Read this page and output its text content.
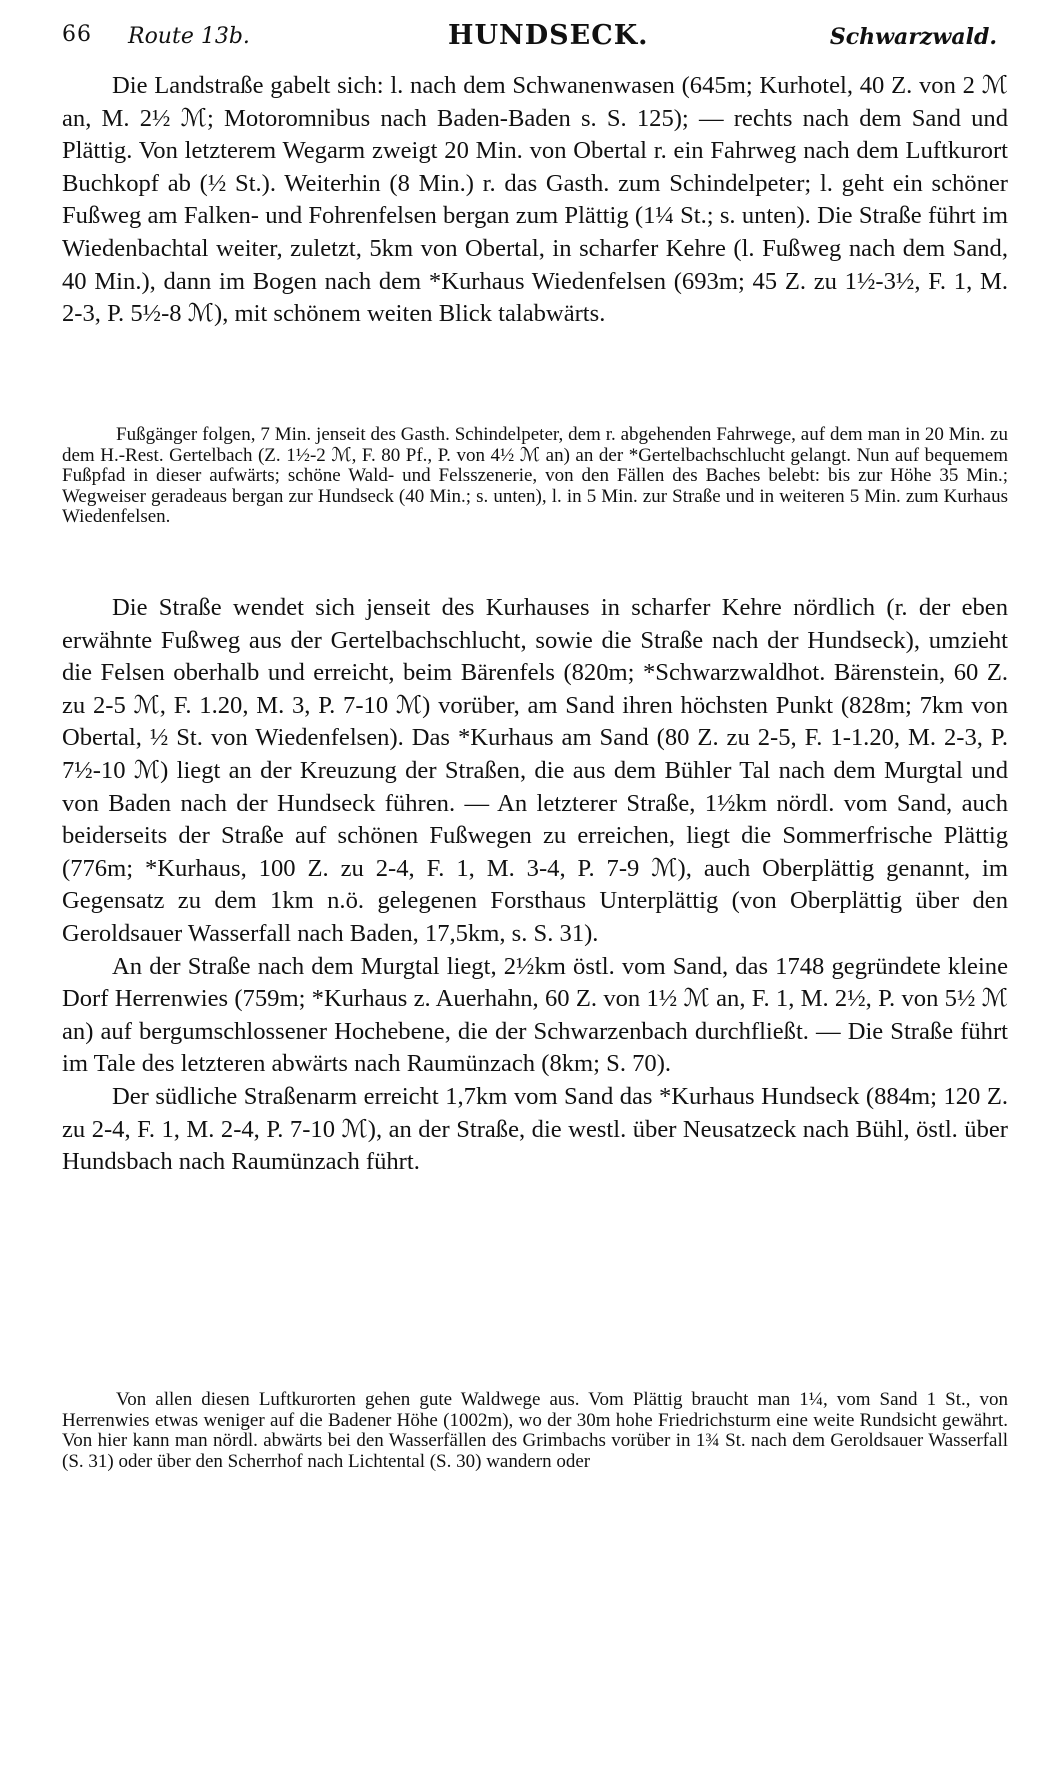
66 Route 13b.	HUNDSECK.	Schwarzwald.

Die Landstraße gabelt sich: l. nach dem Schwanenwasen (645m; Kurhotel, 40 Z. von 2 ℳ an, M. 2½ ℳ; Motoromnibus nach Baden-Baden s. S. 125); — rechts nach dem Sand und Plättig. Von letzterem Wegarm zweigt 20 Min. von Obertal r. ein Fahrweg nach dem Luftkurort Buchkopf ab (½ St.). Weiterhin (8 Min.) r. das Gasth. zum Schindelpeter; l. geht ein schöner Fußweg am Falken- und Fohrenfelsen bergan zum Plättig (1¼ St.; s. unten). Die Straße führt im Wiedenbachtal weiter, zuletzt, 5km von Obertal, in scharfer Kehre (l. Fußweg nach dem Sand, 40 Min.), dann im Bogen nach dem *Kurhaus Wiedenfelsen (693m; 45 Z. zu 1½-3½, F. 1, M. 2-3, P. 5½-8 ℳ), mit schönem weiten Blick talabwärts.

Fußgänger folgen, 7 Min. jenseit des Gasth. Schindelpeter, dem r. abgehenden Fahrwege, auf dem man in 20 Min. zu dem H.-Rest. Gertelbach (Z. 1½-2 ℳ, F. 80 Pf., P. von 4½ ℳ an) an der *Gertelbachschlucht gelangt. Nun auf bequemem Fußpfad in dieser aufwärts; schöne Wald- und Felsszenerie, von den Fällen des Baches belebt: bis zur Höhe 35 Min.; Wegweiser geradeaus bergan zur Hundseck (40 Min.; s. unten), l. in 5 Min. zur Straße und in weiteren 5 Min. zum Kurhaus Wiedenfelsen.

Die Straße wendet sich jenseit des Kurhauses in scharfer Kehre nördlich (r. der eben erwähnte Fußweg aus der Gertelbachschlucht, sowie die Straße nach der Hundseck), umzieht die Felsen oberhalb und erreicht, beim Bärenfels (820m; *Schwarzwaldhot. Bärenstein, 60 Z. zu 2-5 ℳ, F. 1.20, M. 3, P. 7-10 ℳ) vorüber, am Sand ihren höchsten Punkt (828m; 7km von Obertal, ½ St. von Wiedenfelsen). Das *Kurhaus am Sand (80 Z. zu 2-5, F. 1-1.20, M. 2-3, P. 7½-10 ℳ) liegt an der Kreuzung der Straßen, die aus dem Bühler Tal nach dem Murgtal und von Baden nach der Hundseck führen. — An letzterer Straße, 1½km nördl. vom Sand, auch beiderseits der Straße auf schönen Fußwegen zu erreichen, liegt die Sommerfrische Plättig (776m; *Kurhaus, 100 Z. zu 2-4, F. 1, M. 3-4, P. 7-9 ℳ), auch Oberplättig genannt, im Gegensatz zu dem 1km n.ö. gelegenen Forsthaus Unterplättig (von Oberplättig über den Geroldsauer Wasserfall nach Baden, 17,5km, s. S. 31).

An der Straße nach dem Murgtal liegt, 2½km östl. vom Sand, das 1748 gegründete kleine Dorf Herrenwies (759m; *Kurhaus z. Auerhahn, 60 Z. von 1½ ℳ an, F. 1, M. 2½, P. von 5½ ℳ an) auf bergumschlossener Hochebene, die der Schwarzenbach durchfließt. — Die Straße führt im Tale des letzteren abwärts nach Raumünzach (8km; S. 70).

Der südliche Straßenarm erreicht 1,7km vom Sand das *Kurhaus Hundseck (884m; 120 Z. zu 2-4, F. 1, M. 2-4, P. 7-10 ℳ), an der Straße, die westl. über Neusatzeck nach Bühl, östl. über Hundsbach nach Raumünzach führt.

Von allen diesen Luftkurorten gehen gute Waldwege aus. Vom Plättig braucht man 1¼, vom Sand 1 St., von Herrenwies etwas weniger auf die Badener Höhe (1002m), wo der 30m hohe Friedrichsturm eine weite Rundsicht gewährt. Von hier kann man nördl. abwärts bei den Wasserfällen des Grimbachs vorüber in 1¾ St. nach dem Geroldsauer Wasserfall (S. 31) oder über den Scherrhof nach Lichtental (S. 30) wandern oder
